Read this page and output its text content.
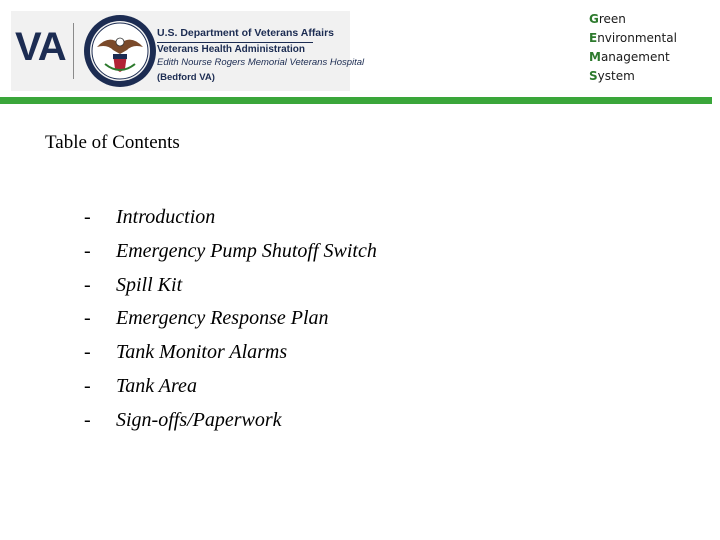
VA	U.S. Department of Veterans Affairs
Veterans Health Administration
Edith Nourse Rogers Memorial Veterans Hospital
(Bedford VA)
Green
Environmental
Management
System
Table of Contents
- Introduction
- Emergency Pump Shutoff Switch
- Spill Kit
- Emergency Response Plan
- Tank Monitor Alarms
- Tank Area
- Sign-offs/Paperwork
